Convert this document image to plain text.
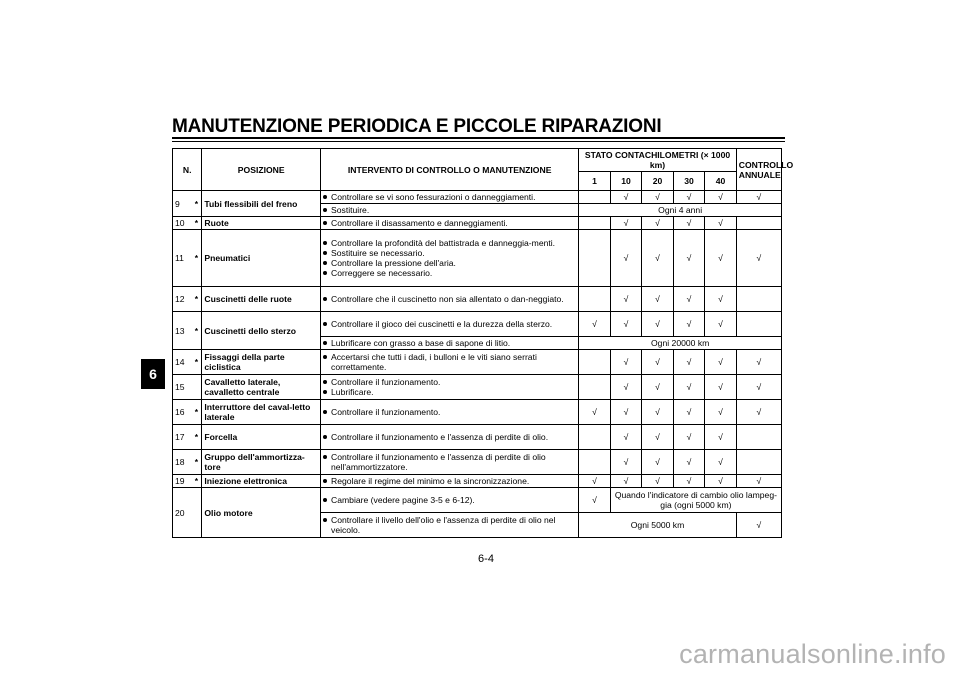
MANUTENZIONE PERIODICA E PICCOLE RIPARAZIONI
6
N.		POSIZIONE	INTERVENTO DI CONTROLLO O MANUTENZIONE	STATO CONTACHILOMETRI (× 1000 km)					CONTROLLO ANNUALE
				1	10	20	30	40	
9	*	Tubi flessibili del freno	Controllare se vi sono fessurazioni o danneggiamenti.		√	√	√	√	√

			Sostituire.	Ogni 4 anni					
10	*	Ruote	Controllare il disassamento e danneggiamenti.		√	√	√	√	
11	*	Pneumatici	Controllare la profondità del battistrada e danneggia-menti.
Sostituire se necessario.
Controllare la pressione dell'aria.
Correggere se necessario.		√	√	√	√	√
12	*	Cuscinetti delle ruote	Controllare che il cuscinetto non sia allentato o dan-neggiato.		√	√	√	√	
13	*	Cuscinetti dello sterzo	Controllare il gioco dei cuscinetti e la durezza della sterzo.	√	√	√	√	√	

			Lubrificare con grasso a base di sapone di litio.	Ogni 20000 km					
14	*	Fissaggi della parte ciclistica	Accertarsi che tutti i dadi, i bulloni e le viti siano serrati correttamente.		√	√	√	√	√
15		Cavalletto laterale, cavalletto centrale	Controllare il funzionamento.
Lubrificare.		√	√	√	√	√
16	*	Interruttore del caval-letto laterale	Controllare il funzionamento.	√	√	√	√	√	√
17	*	Forcella	Controllare il funzionamento e l'assenza di perdite di olio.		√	√	√	√	
18	*	Gruppo dell'ammortizza-tore	Controllare il funzionamento e l'assenza di perdite di olio nell'ammortizzatore.		√	√	√	√	
19	*	Iniezione elettronica	Regolare il regime del minimo e la sincronizzazione.	√	√	√	√	√	√
20		Olio motore	Cambiare (vedere pagine 3-5 e 6-12).	√	Quando l'indicatore di cambio olio lampeg-gia (ogni 5000 km)				

			Controllare il livello dell'olio e l'assenza di perdite di olio nel veicolo.	Ogni 5000 km					√
6-4
carmanualsonline.info
